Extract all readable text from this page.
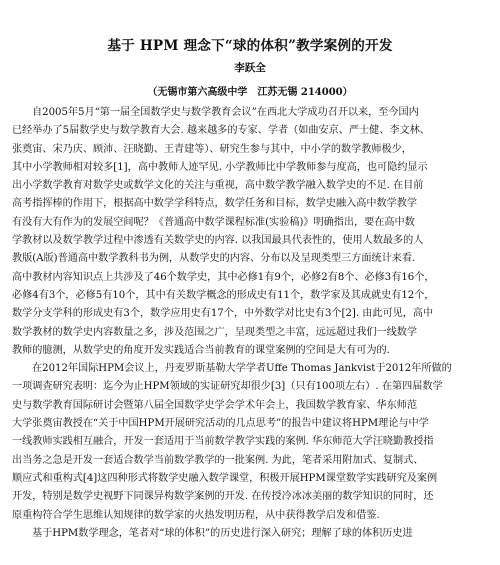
基于 HPM 理念下“球的体积”教学案例的开发
李跃全
（无锡市第六高级中学　江苏无锡 214000）
自2005年5月“第一届全国数学史与数学教育会议”在西北大学成功召开以来，至今国内
已经举办了5届数学史与数学教育大会. 越来越多的专家、学者（如曲安京、严士健、李文林、
张奠宙、宋乃庆、顾沛、汪晓勤、王青建等）、研究生参与其中，中小学的数学教师极少，
其中小学教师相对较多[1]，高中教师人迹罕见. 小学教师比中学教师参与度高，也可隐约显示
出小学数学教育对数学史或数学文化的关注与重视，高中数学教学融入数学史的不足. 在目前
高考指挥棒的作用下，根据高中数学学科特点，数学任务和目标，数学史融入高中数学教学
有没有大有作为的发展空间呢？《普通高中数学课程标准(实验稿)》明确指出，要在高中数
学教材以及数学教学过程中渗透有关数学史的内容. 以我国最具代表性的，使用人数最多的人
教版(A版)普通高中数学教科书为例，从数学史的内容、分布以及呈现类型三方面统计来看.
高中教材内容知识点上共涉及了46个数学史，其中必修1有9个，必修2有8个、必修3有16个，
必修4有3个，必修5有10个，其中有关数学概念的形成史有11个，数学家及其成就史有12个，
数学分支学科的形成史有3个，数学应用史有17个，中外数学对比史有3个[2]. 由此可见，高中
数学教材的数学史内容数量之多，涉及范围之广，呈现类型之丰富，远远超过我们一线数学
教师的臆测，从数学史的角度开发实践适合当前教育的课堂案例的空间是大有可为的.
在2012年国际HPM会议上，丹麦罗斯基勒大学学者Uffe Thomas Jankvist于2012年所做的
一项调查研究表明：迄今为止HPM领域的实证研究却很少[3]（只有100项左右）. 在第四届数学
史与数学教育国际研讨会暨第八届全国数学史学会学术年会上，我国数学教育家、华东师范
大学张奠宙教授在“关于中国HPM开展研究活动的几点思考”的报告中建议将HPM理论与中学
一线教师实践相互融合，开发一套适用于当前数学教学实践的案例. 华东师范大学汪晓勤教授指
出当务之急是开发一套适合数学当前数学教学的一批案例. 为此，笔者采用附加式、复制式、
顺应式和重构式[4]这四种形式将数学史融入数学课堂，积极开展HPM课堂数学实践研究及案例
开发，特别是数学史视野下同课异构数学案例的开发. 在传授冷冰冰美丽的数学知识的同时，还
原重构符合学生思维认知规律的数学家的火热发明历程，从中获得教学启发和借鉴.
基于HPM数学理念，笔者对“球的体积”的历史进行深入研究；理解了球的体积历史进
